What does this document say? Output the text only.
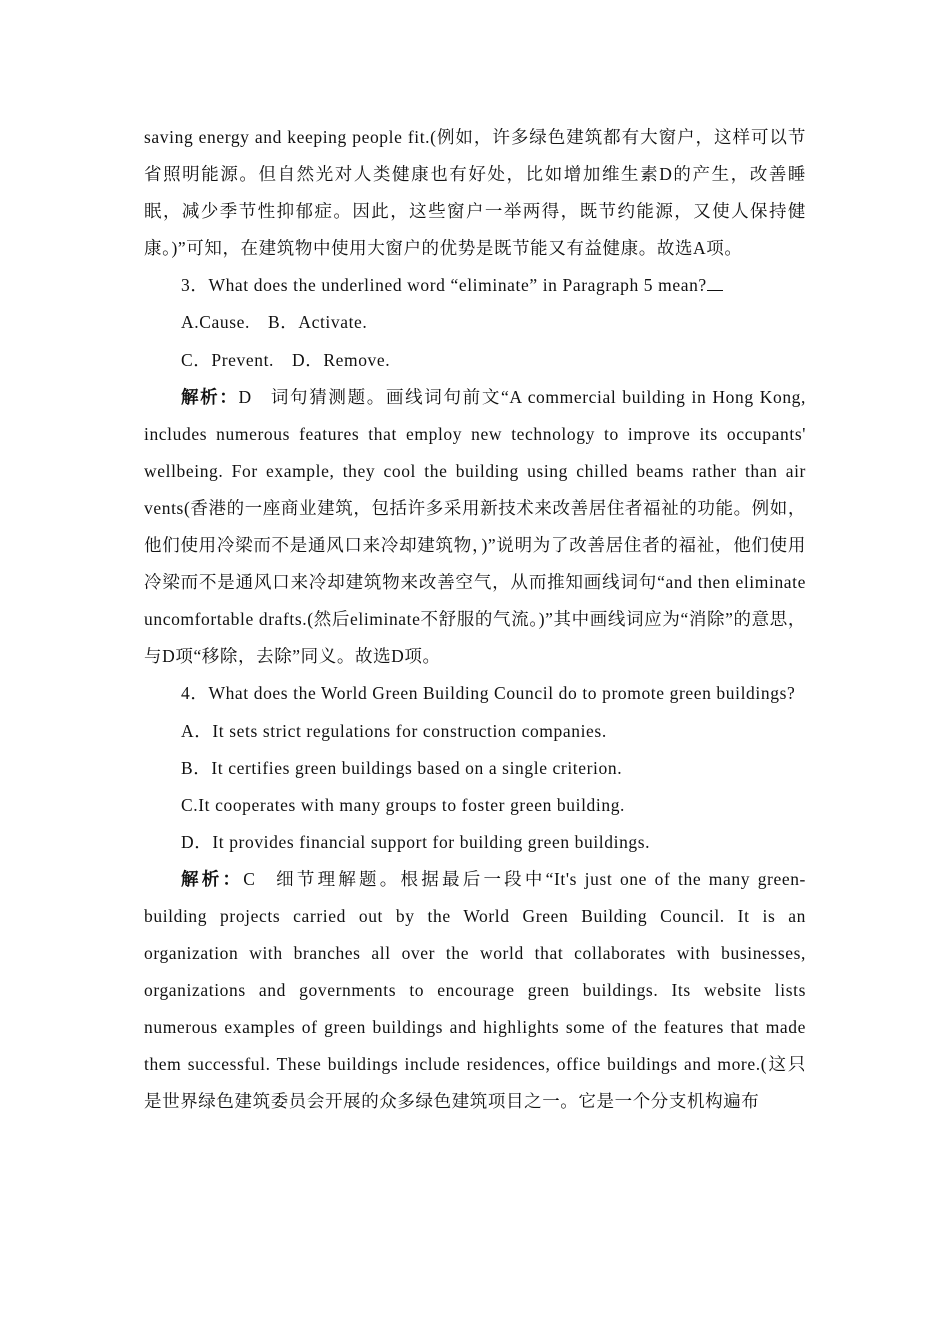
saving energy and keeping people fit.(例如，许多绿色建筑都有大窗户，这样可以节省照明能源。但自然光对人类健康也有好处，比如增加维生素D的产生，改善睡眠，减少季节性抑郁症。因此，这些窗户一举两得，既节约能源，又使人保持健康。)”可知，在建筑物中使用大窗户的优势是既节能又有益健康。故选A项。

3．What does the underlined word “eliminate” in Paragraph 5 mean?

A.Cause. B．Activate.

C．Prevent. D．Remove.

解析：D 词句猜测题。画线词句前文“A commercial building in Hong Kong, includes numerous features that employ new technology to improve its occupants' wellbeing. For example, they cool the building using chilled beams rather than air vents(香港的一座商业建筑，包括许多采用新技术来改善居住者福祉的功能。例如，他们使用冷梁而不是通风口来冷却建筑物，)”说明为了改善居住者的福祉，他们使用冷梁而不是通风口来冷却建筑物来改善空气，从而推知画线词句“and then eliminate uncomfortable drafts.(然后eliminate不舒服的气流。)”其中画线词应为“消除”的意思，与D项“移除，去除”同义。故选D项。

4．What does the World Green Building Council do to promote green buildings?

A．It sets strict regulations for construction companies.

B．It certifies green buildings based on a single criterion.

C.It cooperates with many groups to foster green building.

D．It provides financial support for building green buildings.

解析：C 细节理解题。根据最后一段中“It's just one of the many green-building projects carried out by the World Green Building Council. It is an organization with branches all over the world that collaborates with businesses, organizations and governments to encourage green buildings. Its website lists numerous examples of green buildings and highlights some of the features that made them successful. These buildings include residences, office buildings and more.(这只是世界绿色建筑委员会开展的众多绿色建筑项目之一。它是一个分支机构遍布
